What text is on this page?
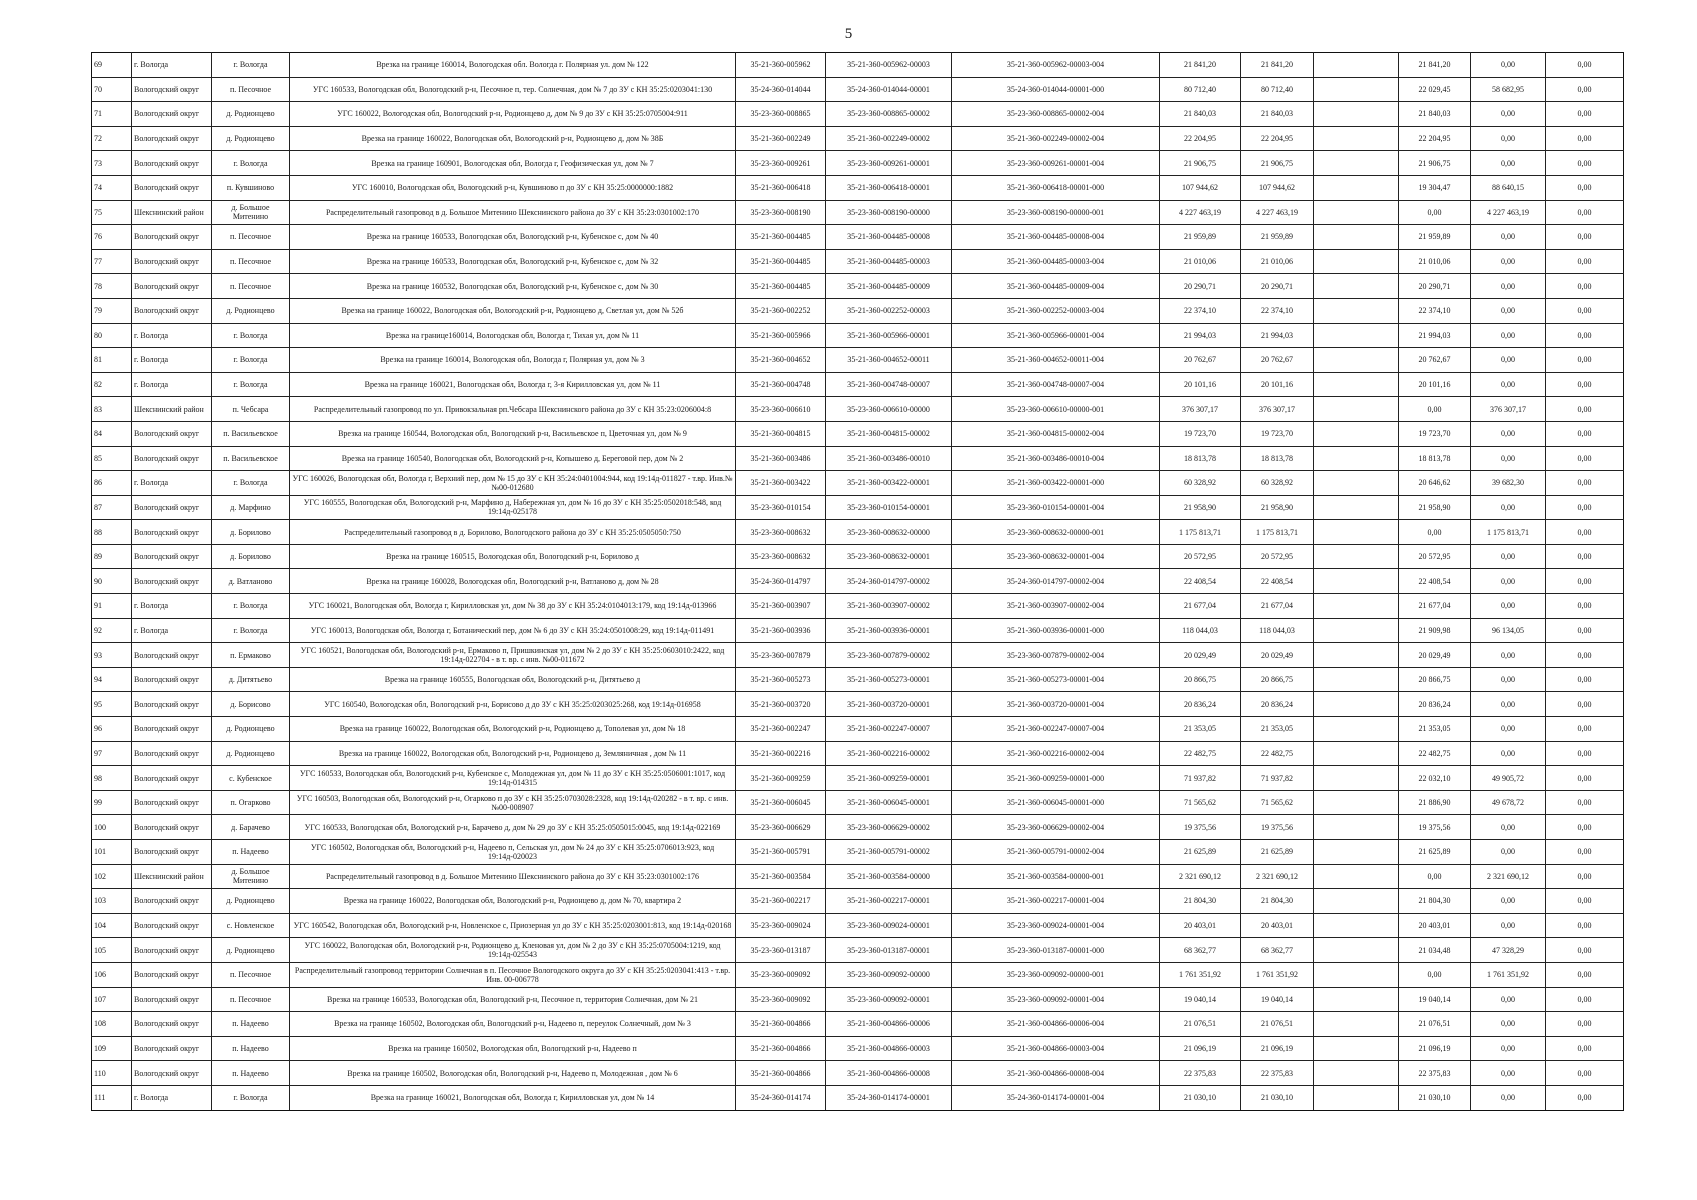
5
69	г. Вологда	г. Вологда	Врезка на границе 160014, Вологодская обл. Вологда г. Полярная ул. дом № 122	35-21-360-005962	35-21-360-005962-00003	35-21-360-005962-00003-004	21 841,20	21 841,20		21 841,20	0,00	0,00
70	Вологодский округ	п. Песочное	УГС 160533, Вологодская обл, Вологодский р-н, Песочное п, тер. Солнечная, дом № 7 до ЗУ с КН 35:25:0203041:130	35-24-360-014044	35-24-360-014044-00001	35-24-360-014044-00001-000	80 712,40	80 712,40		22 029,45	58 682,95	0,00
71	Вологодский округ	д. Родионцево	УГС 160022, Вологодская обл, Вологодский р-н, Родионцево д, дом № 9 до ЗУ с КН 35:25:0705004:911	35-23-360-008865	35-23-360-008865-00002	35-23-360-008865-00002-004	21 840,03	21 840,03		21 840,03	0,00	0,00
72	Вологодский округ	д. Родионцево	Врезка на границе 160022, Вологодская обл, Вологодский р-н, Родионцево д, дом № 38Б	35-21-360-002249	35-21-360-002249-00002	35-21-360-002249-00002-004	22 204,95	22 204,95		22 204,95	0,00	0,00
73	Вологодский округ	г. Вологда	Врезка на границе 160901, Вологодская обл, Вологда г, Геофизическая ул, дом № 7	35-23-360-009261	35-23-360-009261-00001	35-23-360-009261-00001-004	21 906,75	21 906,75		21 906,75	0,00	0,00
74	Вологодский округ	п. Кувшиново	УГС 160010, Вологодская обл, Вологодский р-н, Кувшиново п до ЗУ с КН 35:25:0000000:1882	35-21-360-006418	35-21-360-006418-00001	35-21-360-006418-00001-000	107 944,62	107 944,62		19 304,47	88 640,15	0,00
75	Шекснинский район	д. Большое Митенино	Распределительный газопровод в д. Большое Митенино Шекснинского района до ЗУ с КН 35:23:0301002:170	35-23-360-008190	35-23-360-008190-00000	35-23-360-008190-00000-001	4 227 463,19	4 227 463,19		0,00	4 227 463,19	0,00
76	Вологодский округ	п. Песочное	Врезка на границе 160533, Вологодская обл, Вологодский р-н, Кубенское с, дом № 40	35-21-360-004485	35-21-360-004485-00008	35-21-360-004485-00008-004	21 959,89	21 959,89		21 959,89	0,00	0,00
77	Вологодский округ	п. Песочное	Врезка на границе 160533, Вологодская обл, Вологодский р-н, Кубенское с, дом № 32	35-21-360-004485	35-21-360-004485-00003	35-21-360-004485-00003-004	21 010,06	21 010,06		21 010,06	0,00	0,00
78	Вологодский округ	п. Песочное	Врезка на границе 160532, Вологодская обл, Вологодский р-н, Кубенское с, дом № 30	35-21-360-004485	35-21-360-004485-00009	35-21-360-004485-00009-004	20 290,71	20 290,71		20 290,71	0,00	0,00
79	Вологодский округ	д. Родионцево	Врезка на границе 160022, Вологодская обл, Вологодский р-н, Родионцево д, Светлая ул, дом № 52б	35-21-360-002252	35-21-360-002252-00003	35-21-360-002252-00003-004	22 374,10	22 374,10		22 374,10	0,00	0,00
80	г. Вологда	г. Вологда	Врезка на границе160014, Вологодская обл, Вологда г, Тихая ул, дом № 11	35-21-360-005966	35-21-360-005966-00001	35-21-360-005966-00001-004	21 994,03	21 994,03		21 994,03	0,00	0,00
81	г. Вологда	г. Вологда	Врезка на границе 160014, Вологодская обл, Вологда г, Полярная ул, дом № 3	35-21-360-004652	35-21-360-004652-00011	35-21-360-004652-00011-004	20 762,67	20 762,67		20 762,67	0,00	0,00
82	г. Вологда	г. Вологда	Врезка на границе 160021, Вологодская обл, Вологда г, 3-я Кирилловская ул, дом № 11	35-21-360-004748	35-21-360-004748-00007	35-21-360-004748-00007-004	20 101,16	20 101,16		20 101,16	0,00	0,00
83	Шекснинский район	п. Чебсара	Распределительный газопровод по ул. Привокзальная рп.Чебсара Шекснинского района до ЗУ с КН 35:23:0206004:8	35-23-360-006610	35-23-360-006610-00000	35-23-360-006610-00000-001	376 307,17	376 307,17		0,00	376 307,17	0,00
84	Вологодский округ	п. Васильевское	Врезка на границе 160544, Вологодская обл, Вологодский р-н, Васильевское п, Цветочная ул, дом № 9	35-21-360-004815	35-21-360-004815-00002	35-21-360-004815-00002-004	19 723,70	19 723,70		19 723,70	0,00	0,00
85	Вологодский округ	п. Васильевское	Врезка на границе 160540, Вологодская обл, Вологодский р-н, Копышево д, Береговой пер, дом № 2	35-21-360-003486	35-21-360-003486-00010	35-21-360-003486-00010-004	18 813,78	18 813,78		18 813,78	0,00	0,00
86	г. Вологда	г. Вологда	УГС 160026, Вологодская обл, Вологда г, Верхний пер, дом № 15 до ЗУ с КН 35:24:0401004:944, код 19:14д-011827 - т.вр. Инв.№№00-012680	35-21-360-003422	35-21-360-003422-00001	35-21-360-003422-00001-000	60 328,92	60 328,92		20 646,62	39 682,30	0,00
87	Вологодский округ	д. Марфино	УГС 160555, Вологодская обл, Вологодский р-н, Марфино д, Набережная ул, дом № 16 до ЗУ с КН 35:25:0502018:548, код 19:14д-025178	35-23-360-010154	35-23-360-010154-00001	35-23-360-010154-00001-004	21 958,90	21 958,90		21 958,90	0,00	0,00
88	Вологодский округ	д. Борилово	Распределительный газопровод в д. Борилово, Вологодского района до ЗУ с КН 35:25:0505050:750	35-23-360-008632	35-23-360-008632-00000	35-23-360-008632-00000-001	1 175 813,71	1 175 813,71		0,00	1 175 813,71	0,00
89	Вологодский округ	д. Борилово	Врезка на границе 160515, Вологодская обл, Вологодский р-н, Борилово д	35-23-360-008632	35-23-360-008632-00001	35-23-360-008632-00001-004	20 572,95	20 572,95		20 572,95	0,00	0,00
90	Вологодский округ	д. Ватланово	Врезка на границе 160028, Вологодская обл, Вологодский р-н, Ватланово д, дом № 28	35-24-360-014797	35-24-360-014797-00002	35-24-360-014797-00002-004	22 408,54	22 408,54		22 408,54	0,00	0,00
91	г. Вологда	г. Вологда	УГС 160021, Вологодская обл, Вологда г, Кирилловская ул, дом № 38 до ЗУ с КН 35:24:0104013:179, код 19:14д-013966	35-21-360-003907	35-21-360-003907-00002	35-21-360-003907-00002-004	21 677,04	21 677,04		21 677,04	0,00	0,00
92	г. Вологда	г. Вологда	УГС 160013, Вологодская обл, Вологда г, Ботанический пер, дом № 6 до ЗУ с КН 35:24:0501008:29, код 19:14д-011491	35-21-360-003936	35-21-360-003936-00001	35-21-360-003936-00001-000	118 044,03	118 044,03		21 909,98	96 134,05	0,00
93	Вологодский округ	п. Ермаково	УГС 160521, Вологодская обл, Вологодский р-н, Ермаково п, Пришкинская ул, дом № 2 до ЗУ с КН 35:25:0603010:2422, код 19:14д-022704 - в т. вр. с инв. №00-011672	35-23-360-007879	35-23-360-007879-00002	35-23-360-007879-00002-004	20 029,49	20 029,49		20 029,49	0,00	0,00
94	Вологодский округ	д. Дитятьево	Врезка на границе 160555, Вологодская обл, Вологодский р-н, Дитятьево д	35-21-360-005273	35-21-360-005273-00001	35-21-360-005273-00001-004	20 866,75	20 866,75		20 866,75	0,00	0,00
95	Вологодский округ	д. Борисово	УГС 160540, Вологодская обл, Вологодский р-н, Борисово д до ЗУ с КН 35:25:0203025:268, код 19:14д-016958	35-21-360-003720	35-21-360-003720-00001	35-21-360-003720-00001-004	20 836,24	20 836,24		20 836,24	0,00	0,00
96	Вологодский округ	д. Родионцево	Врезка на границе 160022, Вологодская обл, Вологодский р-н, Родионцево д, Тополевая ул, дом № 18	35-21-360-002247	35-21-360-002247-00007	35-21-360-002247-00007-004	21 353,05	21 353,05		21 353,05	0,00	0,00
97	Вологодский округ	д. Родионцево	Врезка на границе 160022, Вологодская обл, Вологодский р-н, Родионцево д, Земляничная , дом № 11	35-21-360-002216	35-21-360-002216-00002	35-21-360-002216-00002-004	22 482,75	22 482,75		22 482,75	0,00	0,00
98	Вологодский округ	с. Кубенское	УГС 160533, Вологодская обл, Вологодский р-н, Кубенское с, Молодежная ул, дом № 11 до ЗУ с КН 35:25:0506001:1017, код 19:14д-014315	35-21-360-009259	35-21-360-009259-00001	35-21-360-009259-00001-000	71 937,82	71 937,82		22 032,10	49 905,72	0,00
99	Вологодский округ	п. Огарково	УГС 160503, Вологодская обл, Вологодский р-н, Огарково п до ЗУ с КН 35:25:0703028:2328, код 19:14д-020282 - в т. вр. с инв. №00-008907	35-21-360-006045	35-21-360-006045-00001	35-21-360-006045-00001-000	71 565,62	71 565,62		21 886,90	49 678,72	0,00
100	Вологодский округ	д. Барачево	УГС 160533, Вологодская обл, Вологодский р-н, Барачево д, дом № 29 до ЗУ с КН 35:25:0505015:0045, код 19:14д-022169	35-23-360-006629	35-23-360-006629-00002	35-23-360-006629-00002-004	19 375,56	19 375,56		19 375,56	0,00	0,00
101	Вологодский округ	п. Надеево	УГС 160502, Вологодская обл, Вологодский р-н, Надеево п, Сельская ул, дом № 24 до ЗУ с КН 35:25:0706013:923, код 19:14д-020023	35-21-360-005791	35-21-360-005791-00002	35-21-360-005791-00002-004	21 625,89	21 625,89		21 625,89	0,00	0,00
102	Шекснинский район	д. Большое Митенино	Распределительный газопровод в д. Большое Митенино Шекснинского района до ЗУ с КН 35:23:0301002:176	35-21-360-003584	35-21-360-003584-00000	35-21-360-003584-00000-001	2 321 690,12	2 321 690,12		0,00	2 321 690,12	0,00
103	Вологодский округ	д. Родионцево	Врезка на границе 160022, Вологодская обл, Вологодский р-н, Родионцево д, дом № 70, квартира 2	35-21-360-002217	35-21-360-002217-00001	35-21-360-002217-00001-004	21 804,30	21 804,30		21 804,30	0,00	0,00
104	Вологодский округ	с. Новленское	УГС 160542, Вологодская обл, Вологодский р-н, Новленское с, Приозерная ул до ЗУ с КН 35:25:0203001:813, код 19:14д-020168	35-23-360-009024	35-23-360-009024-00001	35-23-360-009024-00001-004	20 403,01	20 403,01		20 403,01	0,00	0,00
105	Вологодский округ	д. Родионцево	УГС 160022, Вологодская обл, Вологодский р-н, Родионцево д, Кленовая ул, дом № 2 до ЗУ с КН 35:25:0705004:1219, код 19:14д-025543	35-23-360-013187	35-23-360-013187-00001	35-23-360-013187-00001-000	68 362,77	68 362,77		21 034,48	47 328,29	0,00
106	Вологодский округ	п. Песочное	Распределительный газопровод территории Солнечная в п. Песочное Вологодского округа до ЗУ с КН 35:25:0203041:413 - т.вр. Инв. 00-006778	35-23-360-009092	35-23-360-009092-00000	35-23-360-009092-00000-001	1 761 351,92	1 761 351,92		0,00	1 761 351,92	0,00
107	Вологодский округ	п. Песочное	Врезка на границе 160533, Вологодская обл, Вологодский р-н, Песочное п, территория Солнечная, дом № 21	35-23-360-009092	35-23-360-009092-00001	35-23-360-009092-00001-004	19 040,14	19 040,14		19 040,14	0,00	0,00
108	Вологодский округ	п. Надеево	Врезка на границе 160502, Вологодская обл, Вологодский р-н, Надеево п, переулок Солнечный, дом № 3	35-21-360-004866	35-21-360-004866-00006	35-21-360-004866-00006-004	21 076,51	21 076,51		21 076,51	0,00	0,00
109	Вологодский округ	п. Надеево	Врезка на границе 160502, Вологодская обл, Вологодский р-н, Надеево п	35-21-360-004866	35-21-360-004866-00003	35-21-360-004866-00003-004	21 096,19	21 096,19		21 096,19	0,00	0,00
110	Вологодский округ	п. Надеево	Врезка на границе 160502, Вологодская обл, Вологодский р-н, Надеево п, Молодежная , дом № 6	35-21-360-004866	35-21-360-004866-00008	35-21-360-004866-00008-004	22 375,83	22 375,83		22 375,83	0,00	0,00
111	г. Вологда	г. Вологда	Врезка на границе 160021, Вологодская обл, Вологда г, Кирилловская ул, дом № 14	35-24-360-014174	35-24-360-014174-00001	35-24-360-014174-00001-004	21 030,10	21 030,10		21 030,10	0,00	0,00
